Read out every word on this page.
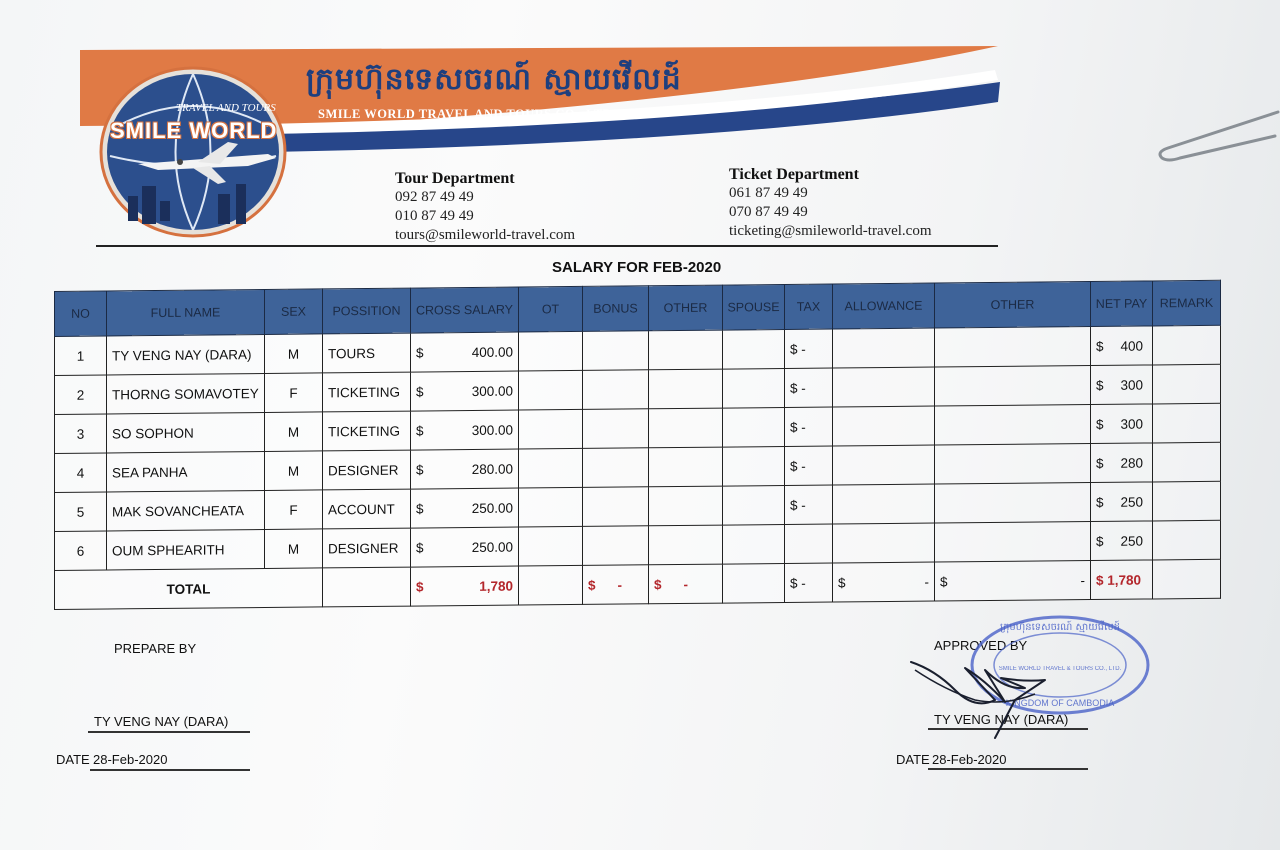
TRAVEL AND TOURS
SMILE WORLD
ក្រុមហ៊ុនទេសចរណ៍ ស្មាយវើលដ៍
SMILE WORLD TRAVEL AND TOURS CO., LTD
Tour Department
092 87 49 49
010 87 49 49
tours@smileworld-travel.com
Ticket Department
061 87 49 49
070 87 49 49
ticketing@smileworld-travel.com
SALARY FOR FEB-2020
NO	FULL NAME	SEX	POSSITION	CROSS SALARY	OT	BONUS	OTHER	SPOUSE	TAX	ALLOWANCE	OTHER	NET PAY	REMARK
1	TY VENG NAY (DARA)	M	TOURS	$ 400.00					$ -			$ 400	

2	THORNG SOMAVOTEY	F	TICKETING	$ 300.00					$ -			$ 300	

3	SO SOPHON	M	TICKETING	$ 300.00					$ -			$ 300	

4	SEA PANHA	M	DESIGNER	$ 280.00					$ -			$ 280	

5	MAK SOVANCHEATA	F	ACCOUNT	$ 250.00					$ -			$ 250	

6	OUM SPHEARITH	M	DESIGNER	$ 250.00								$ 250	

TOTAL				$ 1,780		$ -	$ -		$ -	$ -	$ -	$ 1,780	
PREPARE BY
TY VENG NAY (DARA)
DATE 28-Feb-2020
APPROVED BY
TY VENG NAY (DARA)
DATE 28-Feb-2020
ក្រុមហ៊ុនទេសចរណ៍ ស្មាយវើលដ៍
SMILE WORLD TRAVEL & TOURS CO., LTD.
KINGDOM OF CAMBODIA
